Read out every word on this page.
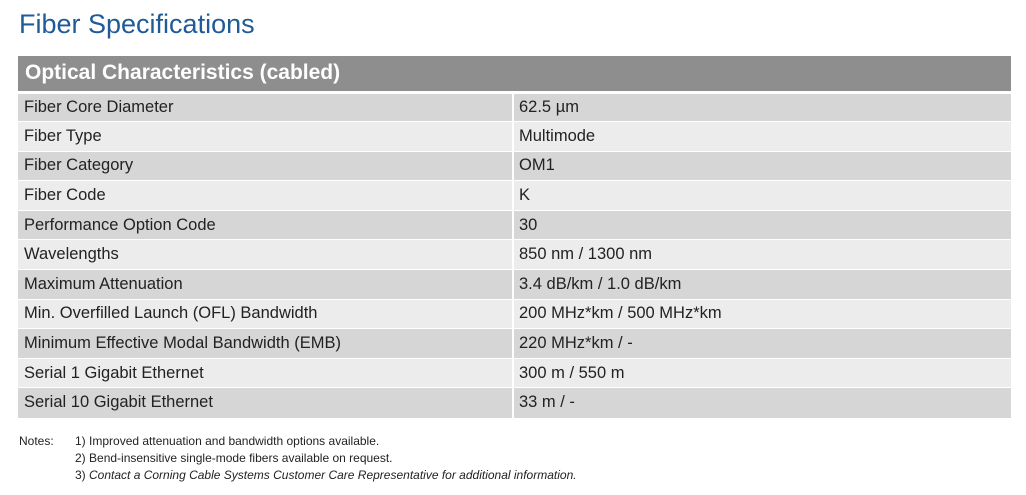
Fiber Specifications
Optical Characteristics (cabled)	
Fiber Core Diameter	62.5 µm
Fiber Type	Multimode
Fiber Category	OM1
Fiber Code	K
Performance Option Code	30
Wavelengths	850 nm / 1300 nm
Maximum Attenuation	3.4 dB/km / 1.0 dB/km
Min. Overfilled Launch (OFL) Bandwidth	200 MHz*km / 500 MHz*km
Minimum Effective Modal Bandwidth (EMB)	220 MHz*km / -
Serial 1 Gigabit Ethernet	300 m / 550 m
Serial 10 Gigabit Ethernet	33 m / -
Notes:	1) Improved attenuation and bandwidth options available.
2) Bend-insensitive single-mode fibers available on request.
3) Contact a Corning Cable Systems Customer Care Representative for additional information.
